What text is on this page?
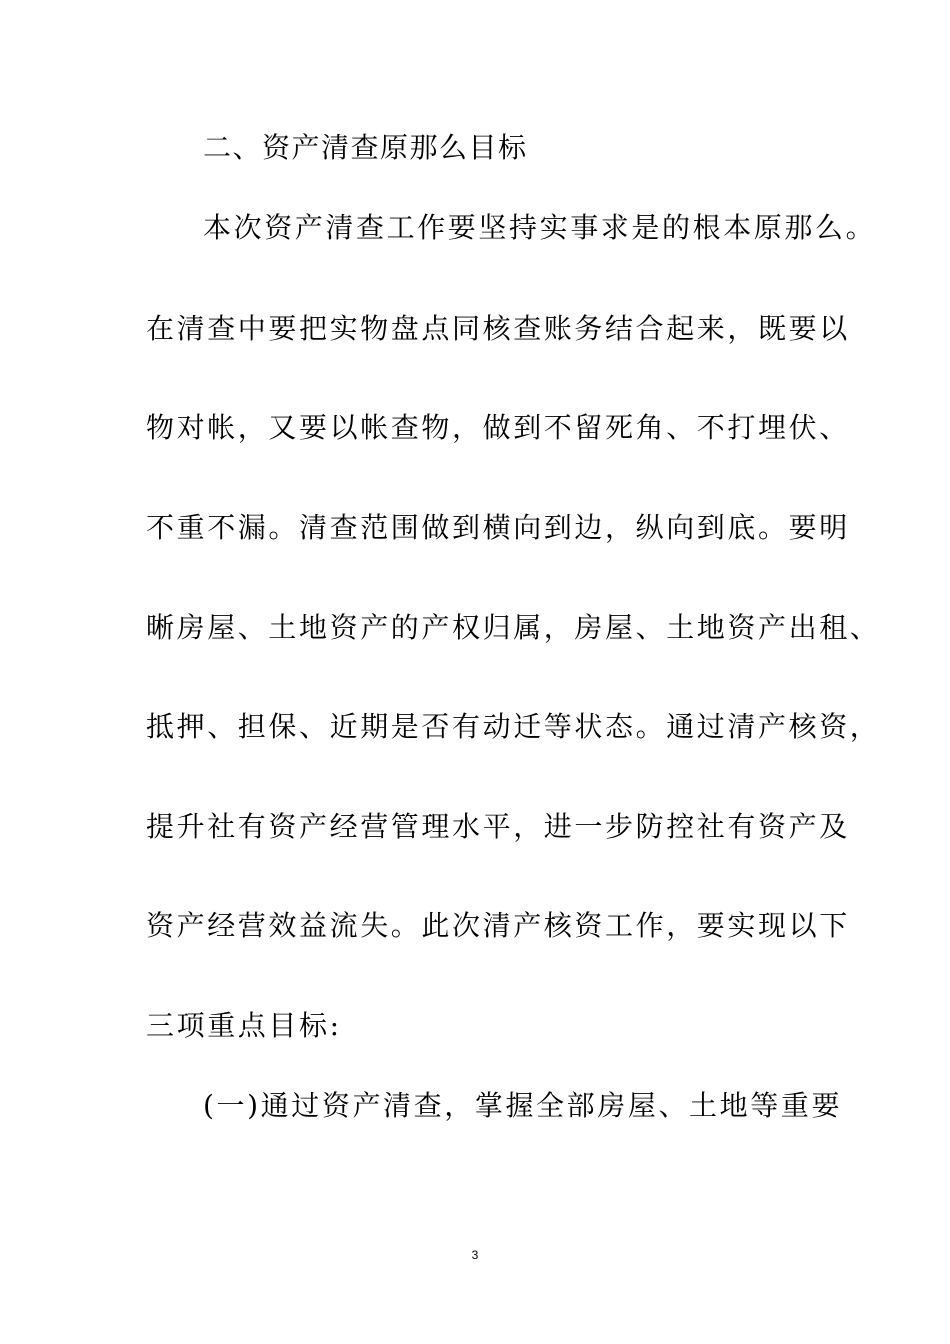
二、资产清查原那么目标
本次资产清查工作要坚持实事求是的根本原那么。
在清查中要把实物盘点同核查账务结合起来，既要以
物对帐，又要以帐查物，做到不留死角、不打埋伏、
不重不漏。清查范围做到横向到边，纵向到底。要明
晰房屋、土地资产的产权归属，房屋、土地资产出租、
抵押、担保、近期是否有动迁等状态。通过清产核资，
提升社有资产经营管理水平，进一步防控社有资产及
资产经营效益流失。此次清产核资工作，要实现以下
三项重点目标:
(一)通过资产清查，掌握全部房屋、土地等重要
3
